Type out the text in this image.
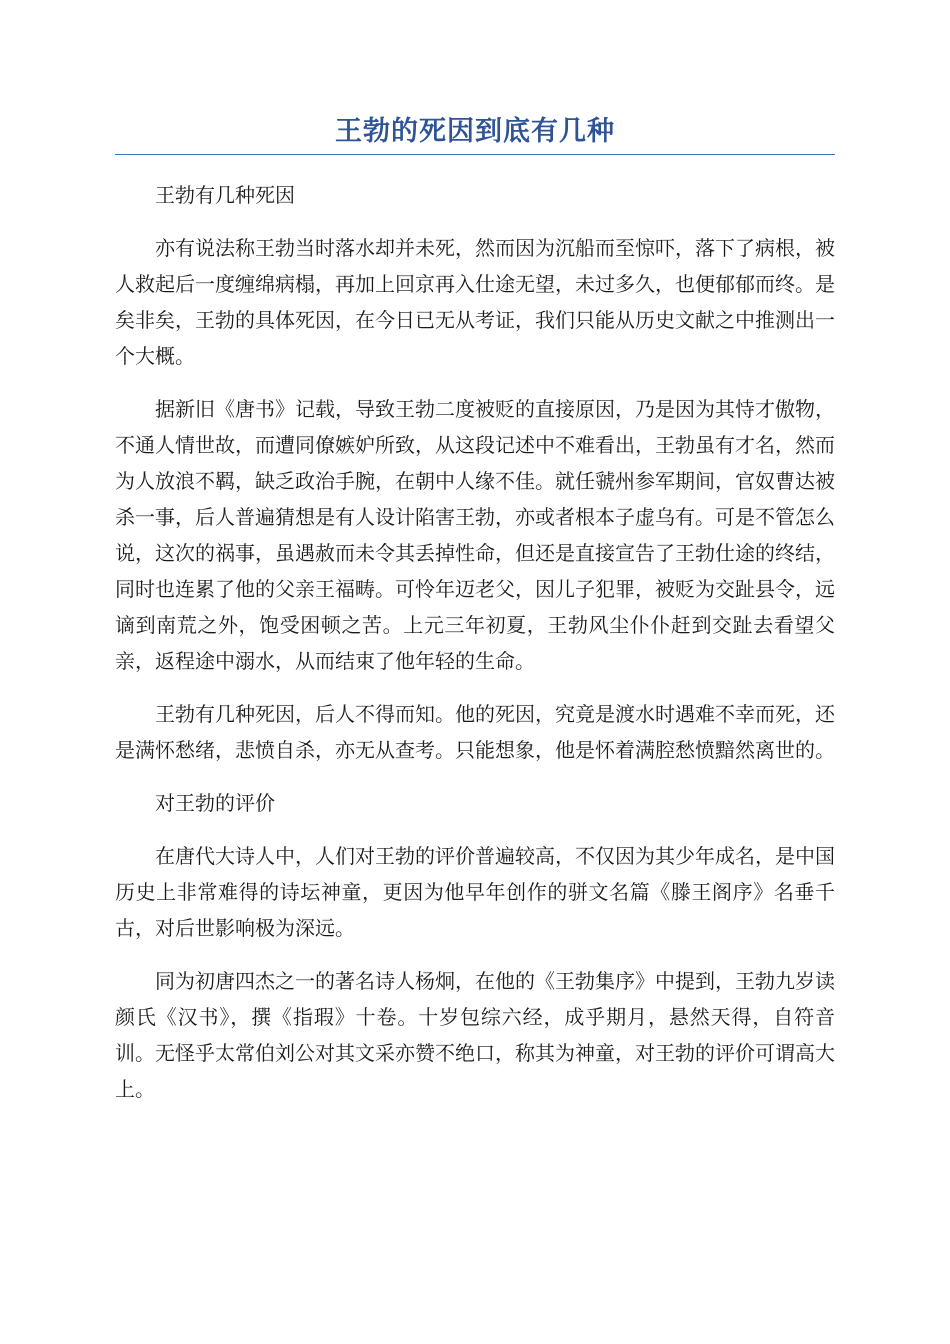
王勃的死因到底有几种

王勃有几种死因

亦有说法称王勃当时落水却并未死，然而因为沉船而至惊吓，落下了病根，被人救起后一度缠绵病榻，再加上回京再入仕途无望，未过多久，也便郁郁而终。是矣非矣，王勃的具体死因，在今日已无从考证，我们只能从历史文献之中推测出一个大概。

据新旧《唐书》记载，导致王勃二度被贬的直接原因，乃是因为其恃才傲物，不通人情世故，而遭同僚嫉妒所致，从这段记述中不难看出，王勃虽有才名，然而为人放浪不羁，缺乏政治手腕，在朝中人缘不佳。就任虢州参军期间，官奴曹达被杀一事，后人普遍猜想是有人设计陷害王勃，亦或者根本子虚乌有。可是不管怎么说，这次的祸事，虽遇赦而未令其丢掉性命，但还是直接宣告了王勃仕途的终结，同时也连累了他的父亲王福畴。可怜年迈老父，因儿子犯罪，被贬为交趾县令，远谪到南荒之外，饱受困顿之苦。上元三年初夏，王勃风尘仆仆赶到交趾去看望父亲，返程途中溺水，从而结束了他年轻的生命。

王勃有几种死因，后人不得而知。他的死因，究竟是渡水时遇难不幸而死，还是满怀愁绪，悲愤自杀，亦无从查考。只能想象，他是怀着满腔愁愤黯然离世的。

对王勃的评价

在唐代大诗人中，人们对王勃的评价普遍较高，不仅因为其少年成名，是中国历史上非常难得的诗坛神童，更因为他早年创作的骈文名篇《滕王阁序》名垂千古，对后世影响极为深远。

同为初唐四杰之一的著名诗人杨炯，在他的《王勃集序》中提到，王勃九岁读颜氏《汉书》，撰《指瑕》十卷。十岁包综六经，成乎期月，悬然天得，自符音训。无怪乎太常伯刘公对其文采亦赞不绝口，称其为神童，对王勃的评价可谓高大上。
